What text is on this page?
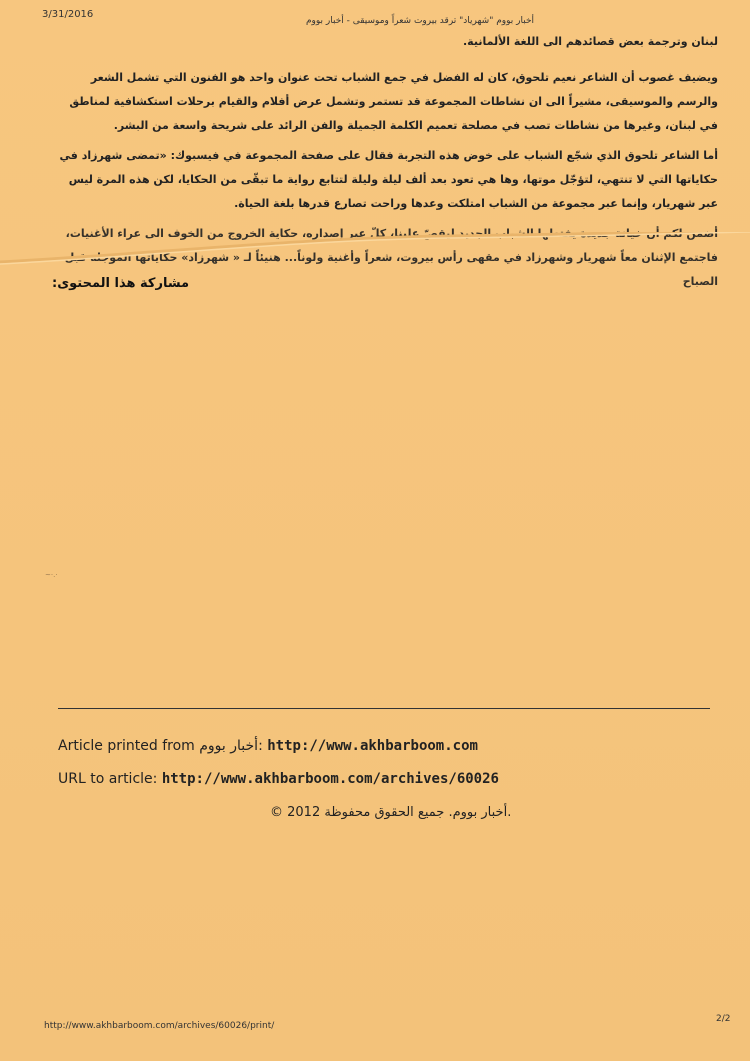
3/31/2016
أخبار بووم "شهرياد" ترقد بيروت شعراً وموسيقى - أخبار بووم

لبنان وترجمة بعض قصائدهم الى اللغة الألمانية.

ويضيف غصوب أن الشاعر نعيم تلحوق، كان له الفضل في جمع الشباب تحت عنوان واحد هو الفنون التي تشمل الشعر والرسم والموسيقى، مشيراً الى ان نشاطات المجموعة قد تستمر وتشمل عرض أفلام والقيام برحلات استكشافية لمناطق في لبنان، وغيرها من نشاطات تصب في مصلحة تعميم الكلمة الجميلة والفن الرائد على شريحة واسعة من البشر.

أما الشاعر تلحوق الذي شجّع الشباب على خوض هذه التجربة فقال على صفحة المجموعة في فيسبوك: «تمضى شهرزاد في حكاياتها التي لا تنتهي، لتؤجّل موتها، وها هي تعود بعد ألف ليلة وليلة لتتابع رواية ما تبقّى من الحكايا، لكن هذه المرة ليس عبر شهريار، وإنما عبر مجموعة من الشباب امتلكت وعدها وراحت تصارع قدرها بلغة الحياة.

أضمن لكم أن خيانة جديدة يفتعلها الشباب الجديد ليقصّ علينا، كلّ عبر إصداره، حكاية الخروج من الخوف الى عراء الأغنيات، فاجتمع الإثنان معاً شهريار وشهرزاد في مقهى رأس بيروت، شعراً وأغنية ولوناً... هنيئاً لـ « شهرزاد» حكاياتها المؤجلة قبل الصباح

مشاركة هذا المحتوى:
~·.·
Article printed from أخبار بووم: http://www.akhbarboom.com
URL to article: http://www.akhbarboom.com/archives/60026
© 2012 أخبار بووم. جميع الحقوق محفوظة.
http://www.akhbarboom.com/archives/60026/print/
2/2
